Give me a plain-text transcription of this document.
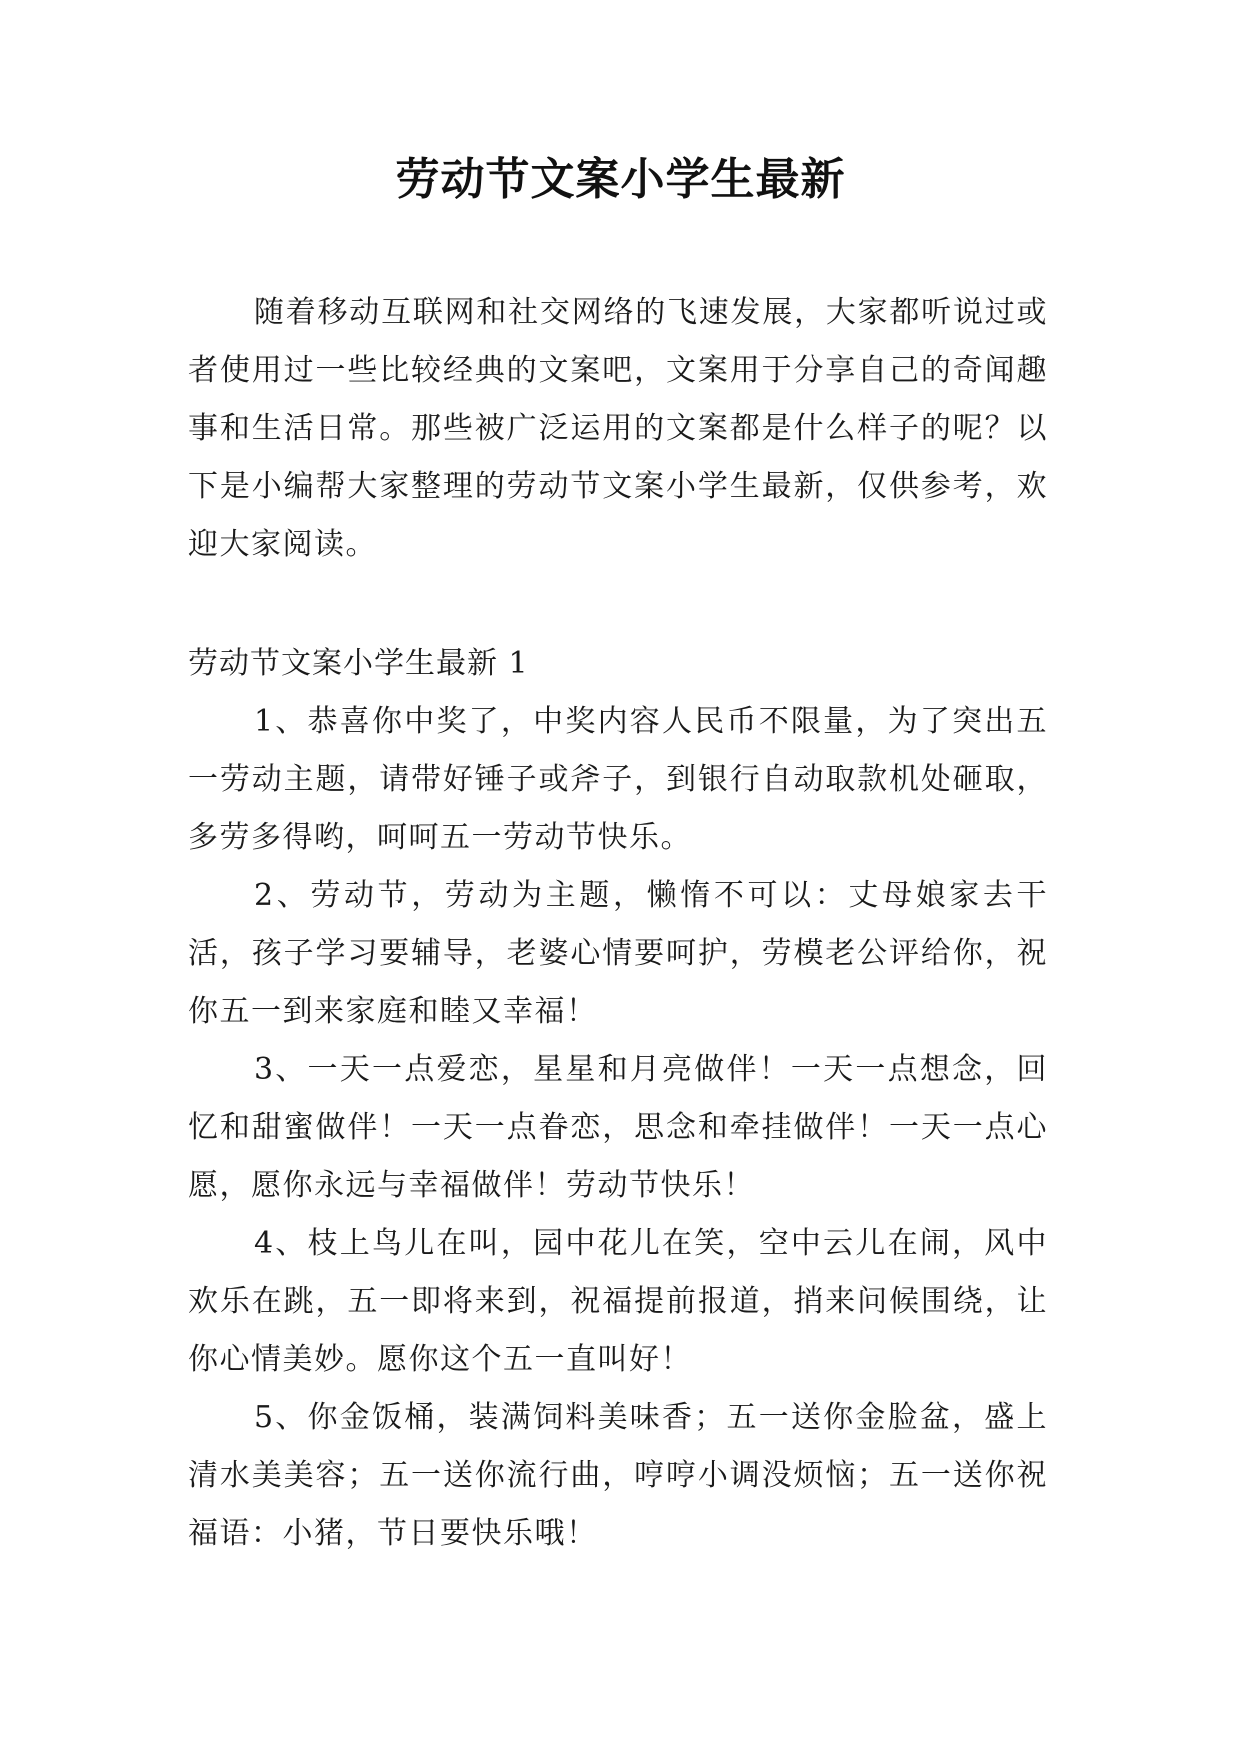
劳动节文案小学生最新

随着移动互联网和社交网络的飞速发展，大家都听说过或者使用过一些比较经典的文案吧，文案用于分享自己的奇闻趣事和生活日常。那些被广泛运用的文案都是什么样子的呢？以下是小编帮大家整理的劳动节文案小学生最新，仅供参考，欢迎大家阅读。

劳动节文案小学生最新 1

1、恭喜你中奖了，中奖内容人民币不限量，为了突出五一劳动主题，请带好锤子或斧子，到银行自动取款机处砸取，多劳多得哟，呵呵五一劳动节快乐。

2、劳动节，劳动为主题，懒惰不可以：丈母娘家去干活，孩子学习要辅导，老婆心情要呵护，劳模老公评给你，祝你五一到来家庭和睦又幸福！

3、一天一点爱恋，星星和月亮做伴！一天一点想念，回忆和甜蜜做伴！一天一点眷恋，思念和牵挂做伴！一天一点心愿，愿你永远与幸福做伴！劳动节快乐！

4、枝上鸟儿在叫，园中花儿在笑，空中云儿在闹，风中欢乐在跳，五一即将来到，祝福提前报道，捎来问候围绕，让你心情美妙。愿你这个五一直叫好！

5、你金饭桶，装满饲料美味香；五一送你金脸盆，盛上清水美美容；五一送你流行曲，哼哼小调没烦恼；五一送你祝福语：小猪，节日要快乐哦！
